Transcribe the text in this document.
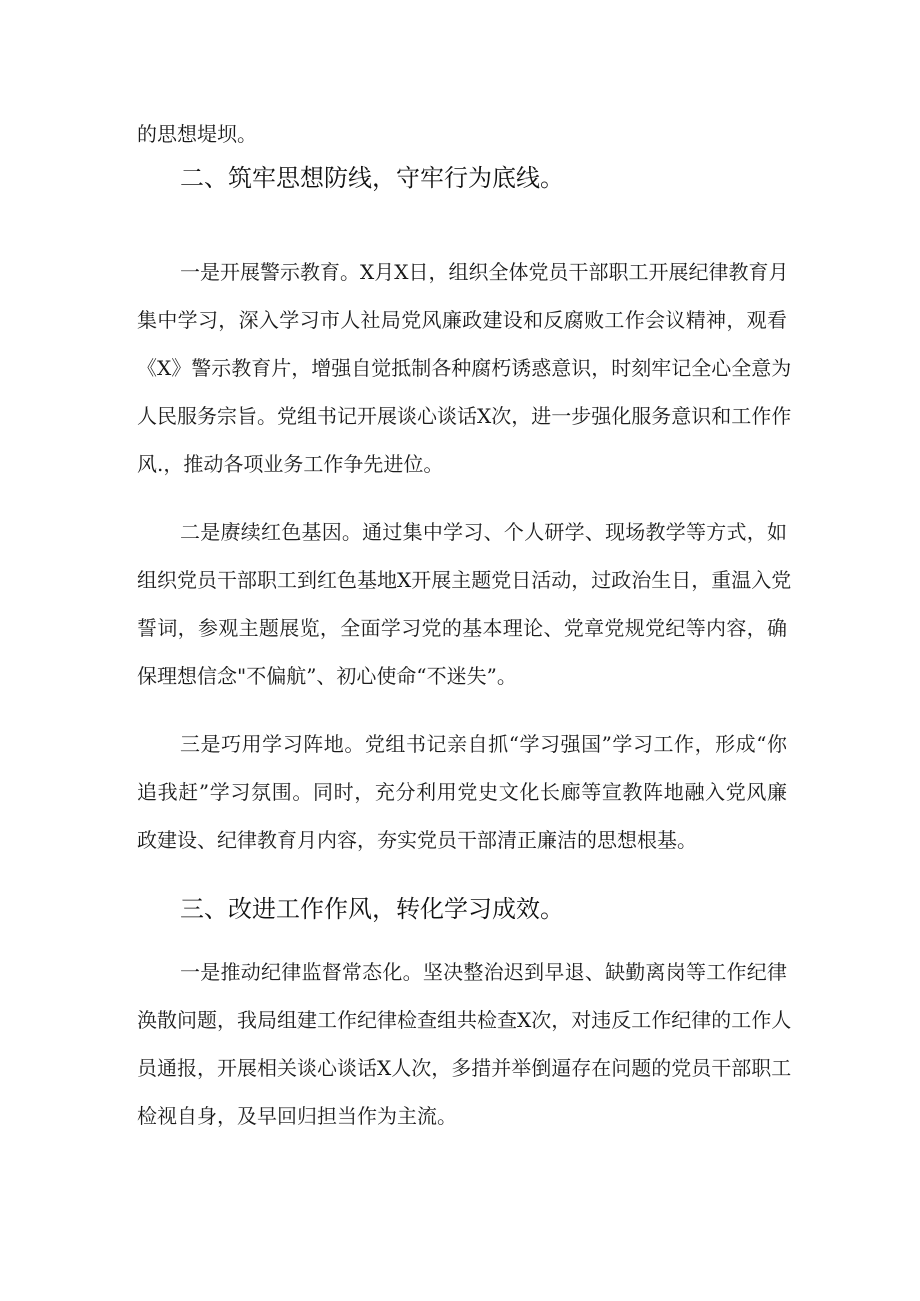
的思想堤坝。
二、筑牢思想防线，守牢行为底线。
一是开展警示教育。X月X日，组织全体党员干部职工开展纪律教育月
集中学习，深入学习市人社局党风廉政建设和反腐败工作会议精神，观看
《X》警示教育片，增强自觉抵制各种腐朽诱惑意识，时刻牢记全心全意为
人民服务宗旨。党组书记开展谈心谈话X次，进一步强化服务意识和工作作
风.，推动各项业务工作争先进位。
二是赓续红色基因。通过集中学习、个人研学、现场教学等方式，如
组织党员干部职工到红色基地X开展主题党日活动，过政治生日，重温入党
誓词，参观主题展览，全面学习党的基本理论、党章党规党纪等内容，确
保理想信念"不偏航”、初心使命“不迷失”。
三是巧用学习阵地。党组书记亲自抓“学习强国”学习工作，形成“你
追我赶”学习氛围。同时，充分利用党史文化长廊等宣教阵地融入党风廉
政建设、纪律教育月内容，夯实党员干部清正廉洁的思想根基。
三、改进工作作风，转化学习成效。
一是推动纪律监督常态化。坚决整治迟到早退、缺勤离岗等工作纪律
涣散问题，我局组建工作纪律检查组共检查X次，对违反工作纪律的工作人
员通报，开展相关谈心谈话X人次，多措并举倒逼存在问题的党员干部职工
检视自身，及早回归担当作为主流。
